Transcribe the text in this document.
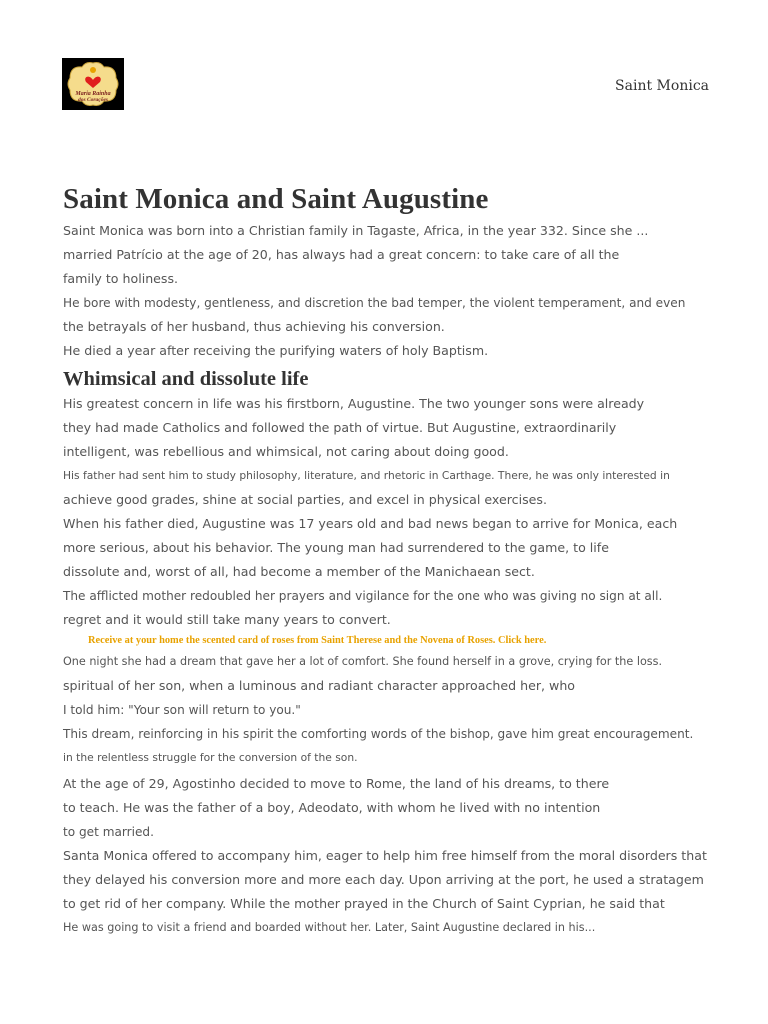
Maria Rainha
dos Corações
Saint Monica
Saint Monica and Saint Augustine
Saint Monica was born into a Christian family in Tagaste, Africa, in the year 332. Since she ...
married Patrício at the age of 20, has always had a great concern: to take care of all the
family to holiness.
He bore with modesty, gentleness, and discretion the bad temper, the violent temperament, and even
the betrayals of her husband, thus achieving his conversion.
He died a year after receiving the purifying waters of holy Baptism.
Whimsical and dissolute life
His greatest concern in life was his firstborn, Augustine. The two younger sons were already
they had made Catholics and followed the path of virtue. But Augustine, extraordinarily
intelligent, was rebellious and whimsical, not caring about doing good.
His father had sent him to study philosophy, literature, and rhetoric in Carthage. There, he was only interested in
achieve good grades, shine at social parties, and excel in physical exercises.
When his father died, Augustine was 17 years old and bad news began to arrive for Monica, each
more serious, about his behavior. The young man had surrendered to the game, to life
dissolute and, worst of all, had become a member of the Manichaean sect.
The afflicted mother redoubled her prayers and vigilance for the one who was giving no sign at all.
regret and it would still take many years to convert.
Receive at your home the scented card of roses from Saint Therese and the Novena of Roses. Click here.
One night she had a dream that gave her a lot of comfort. She found herself in a grove, crying for the loss.
spiritual of her son, when a luminous and radiant character approached her, who
I told him: "Your son will return to you."
This dream, reinforcing in his spirit the comforting words of the bishop, gave him great encouragement.
in the relentless struggle for the conversion of the son.
At the age of 29, Agostinho decided to move to Rome, the land of his dreams, to there
to teach. He was the father of a boy, Adeodato, with whom he lived with no intention
to get married.
Santa Monica offered to accompany him, eager to help him free himself from the moral disorders that
they delayed his conversion more and more each day. Upon arriving at the port, he used a stratagem
to get rid of her company. While the mother prayed in the Church of Saint Cyprian, he said that
He was going to visit a friend and boarded without her. Later, Saint Augustine declared in his...
